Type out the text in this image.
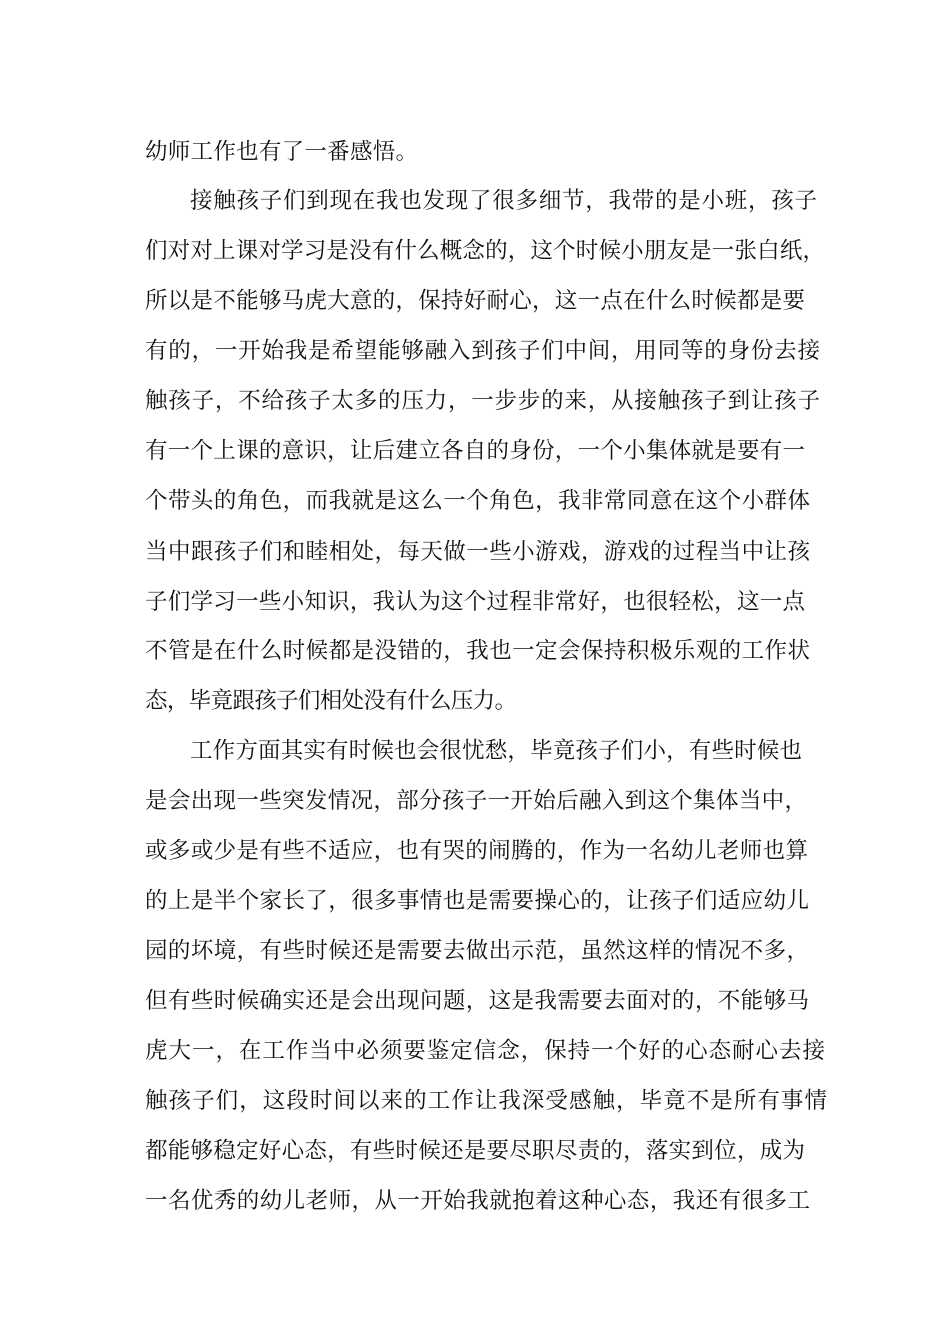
幼师工作也有了一番感悟。

接触孩子们到现在我也发现了很多细节，我带的是小班，孩子

们对对上课对学习是没有什么概念的，这个时候小朋友是一张白纸，

所以是不能够马虎大意的，保持好耐心，这一点在什么时候都是要

有的，一开始我是希望能够融入到孩子们中间，用同等的身份去接

触孩子，不给孩子太多的压力，一步步的来，从接触孩子到让孩子

有一个上课的意识，让后建立各自的身份，一个小集体就是要有一

个带头的角色，而我就是这么一个角色，我非常同意在这个小群体

当中跟孩子们和睦相处，每天做一些小游戏，游戏的过程当中让孩

子们学习一些小知识，我认为这个过程非常好，也很轻松，这一点

不管是在什么时候都是没错的，我也一定会保持积极乐观的工作状

态，毕竟跟孩子们相处没有什么压力。

工作方面其实有时候也会很忧愁，毕竟孩子们小，有些时候也

是会出现一些突发情况，部分孩子一开始后融入到这个集体当中，

或多或少是有些不适应，也有哭的闹腾的，作为一名幼儿老师也算

的上是半个家长了，很多事情也是需要操心的，让孩子们适应幼儿

园的坏境，有些时候还是需要去做出示范，虽然这样的情况不多，

但有些时候确实还是会出现问题，这是我需要去面对的，不能够马

虎大一，在工作当中必须要鉴定信念，保持一个好的心态耐心去接

触孩子们，这段时间以来的工作让我深受感触，毕竟不是所有事情

都能够稳定好心态，有些时候还是要尽职尽责的，落实到位，成为

一名优秀的幼儿老师，从一开始我就抱着这种心态，我还有很多工
